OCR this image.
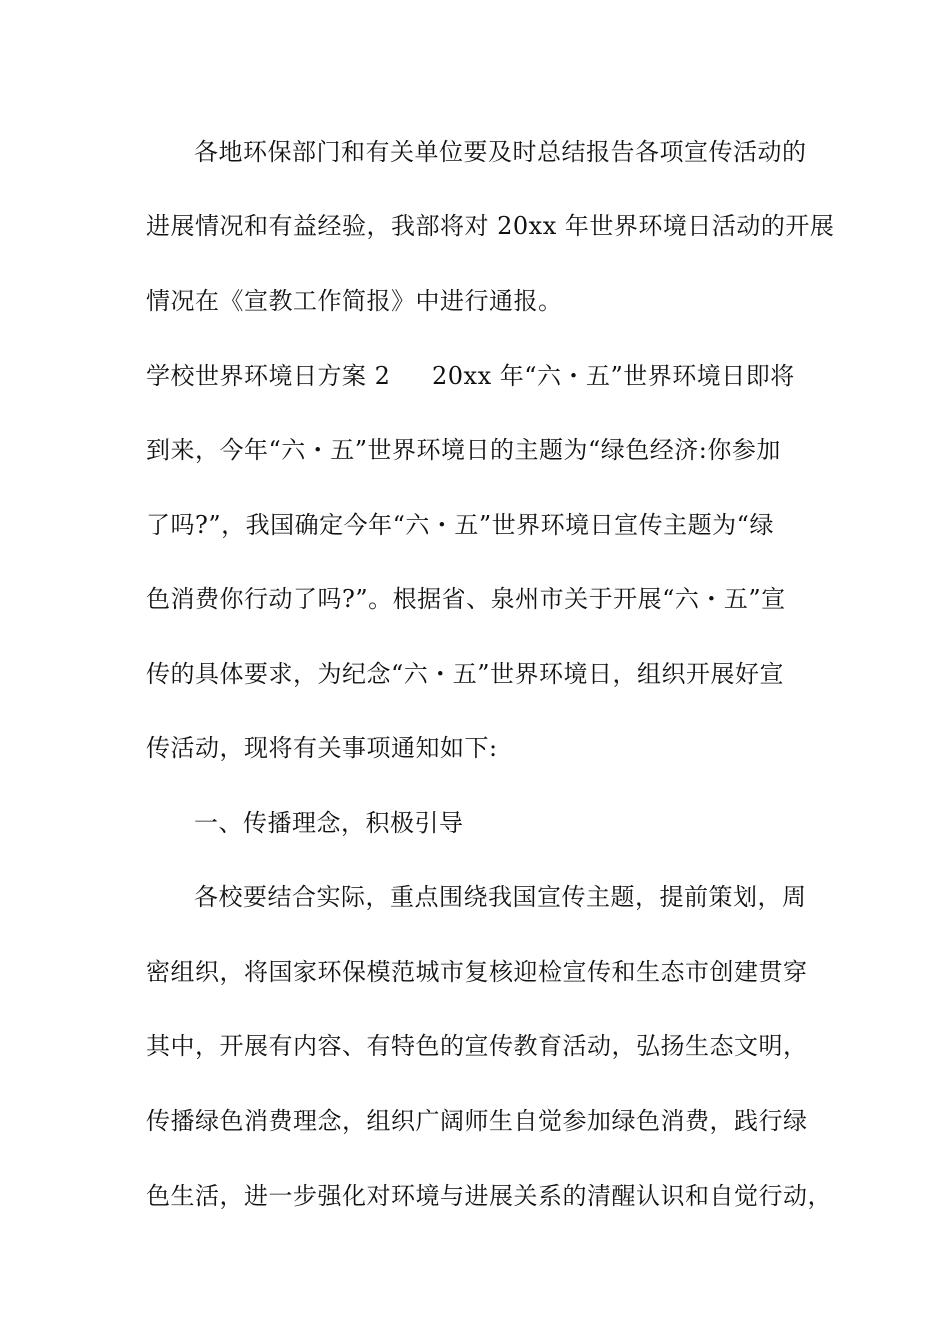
各地环保部门和有关单位要及时总结报告各项宣传活动的
进展情况和有益经验，我部将对 20xx 年世界环境日活动的开展
情况在《宣教工作简报》中进行通报。
学校世界环境日方案 2 20xx 年“六・五”世界环境日即将
到来，今年“六・五”世界环境日的主题为“绿色经济:你参加
了吗?”，我国确定今年“六・五”世界环境日宣传主题为“绿
色消费你行动了吗?”。根据省、泉州市关于开展“六・五”宣
传的具体要求，为纪念“六・五”世界环境日，组织开展好宣
传活动，现将有关事项通知如下:
一、传播理念，积极引导
各校要结合实际，重点围绕我国宣传主题，提前策划，周
密组织，将国家环保模范城市复核迎检宣传和生态市创建贯穿
其中，开展有内容、有特色的宣传教育活动，弘扬生态文明，
传播绿色消费理念，组织广阔师生自觉参加绿色消费，践行绿
色生活，进一步强化对环境与进展关系的清醒认识和自觉行动，
